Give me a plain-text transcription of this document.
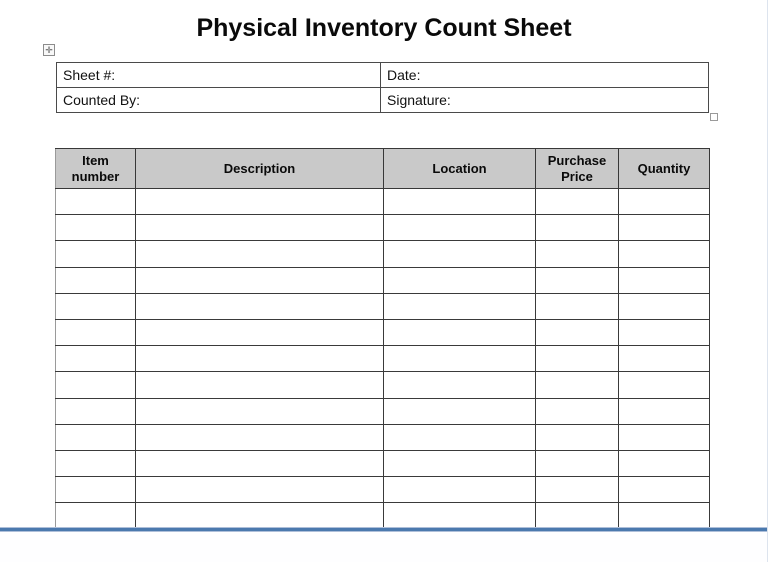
Physical Inventory Count Sheet
✛
Sheet #:	Date:
Counted By:	Signature:
Item number	Description	Location	Purchase Price	Quantity
